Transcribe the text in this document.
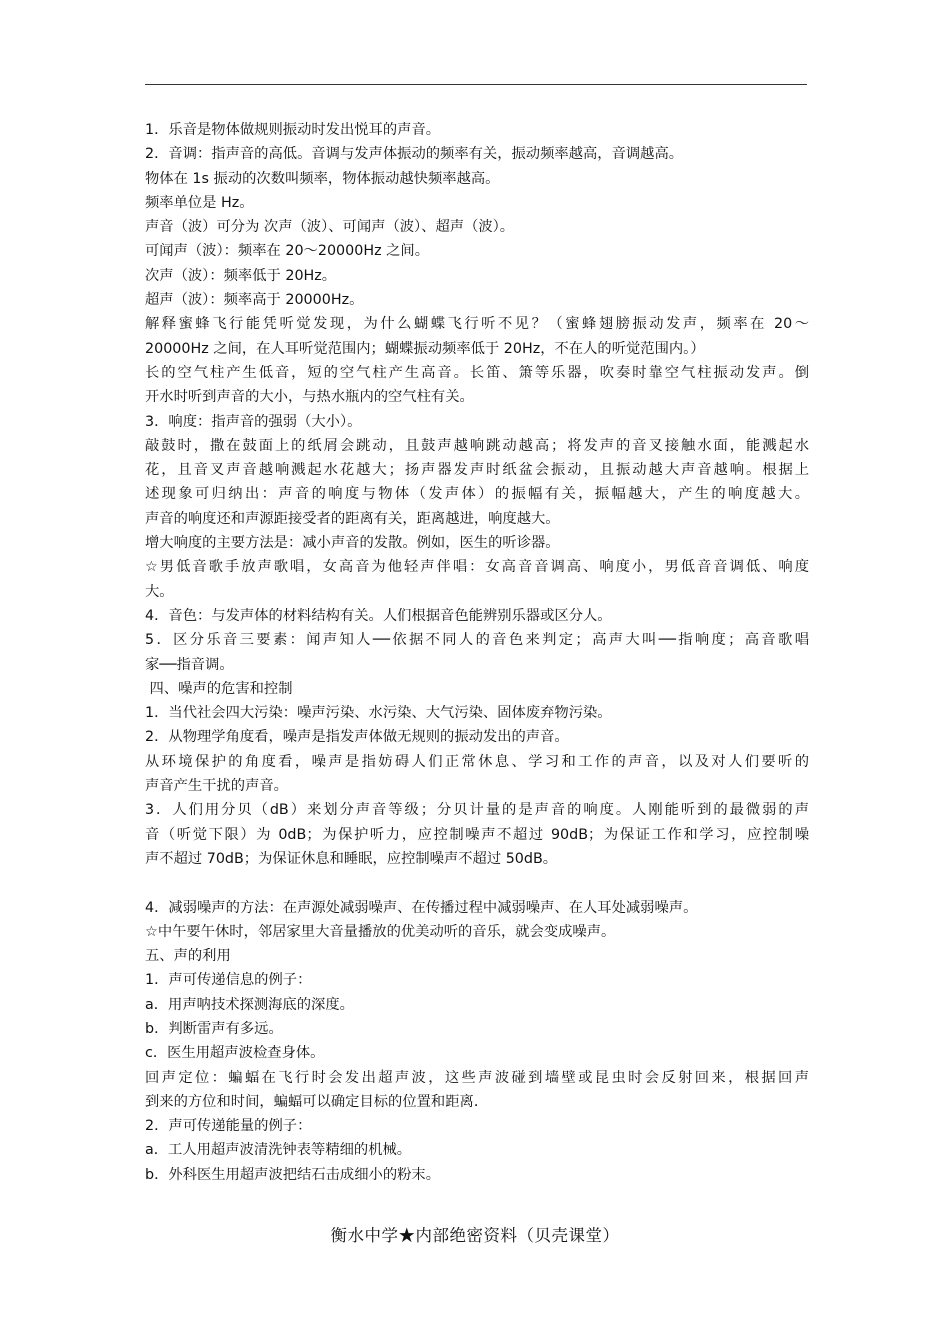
1．乐音是物体做规则振动时发出悦耳的声音。
2．音调：指声音的高低。音调与发声体振动的频率有关，振动频率越高，音调越高。
物体在 1s 振动的次数叫频率，物体振动越快频率越高。
频率单位是 Hz。
声音（波）可分为 次声（波）、可闻声（波）、超声（波）。
可闻声（波）：频率在 20～20000Hz 之间。
次声（波）：频率低于 20Hz。
超声（波）：频率高于 20000Hz。
解释蜜蜂飞行能凭听觉发现，为什么蝴蝶飞行听不见？（蜜蜂翅膀振动发声，频率在 20～
20000Hz 之间，在人耳听觉范围内；蝴蝶振动频率低于 20Hz，不在人的听觉范围内。）
长的空气柱产生低音，短的空气柱产生高音。长笛、箫等乐器，吹奏时靠空气柱振动发声。倒
开水时听到声音的大小，与热水瓶内的空气柱有关。
3．响度：指声音的强弱（大小）。
敲鼓时，撒在鼓面上的纸屑会跳动，且鼓声越响跳动越高；将发声的音叉接触水面，能溅起水
花，且音叉声音越响溅起水花越大；扬声器发声时纸盆会振动，且振动越大声音越响。根据上
述现象可归纳出：声音的响度与物体（发声体）的振幅有关，振幅越大，产生的响度越大。
声音的响度还和声源距接受者的距离有关，距离越进，响度越大。
增大响度的主要方法是：减小声音的发散。例如，医生的听诊器。
☆男低音歌手放声歌唱，女高音为他轻声伴唱：女高音音调高、响度小，男低音音调低、响度
大。
4．音色：与发声体的材料结构有关。人们根据音色能辨别乐器或区分人。
5．区分乐音三要素：闻声知人──依据不同人的音色来判定；高声大叫──指响度；高音歌唱
家──指音调。
四、噪声的危害和控制
1．当代社会四大污染：噪声污染、水污染、大气污染、固体废弃物污染。
2．从物理学角度看，噪声是指发声体做无规则的振动发出的声音。
从环境保护的角度看，噪声是指妨碍人们正常休息、学习和工作的声音，以及对人们要听的
声音产生干扰的声音。
3．人们用分贝（dB）来划分声音等级；分贝计量的是声音的响度。人刚能听到的最微弱的声
音（听觉下限）为 0dB；为保护听力，应控制噪声不超过 90dB；为保证工作和学习，应控制噪
声不超过 70dB；为保证休息和睡眠，应控制噪声不超过 50dB。
4．减弱噪声的方法：在声源处减弱噪声、在传播过程中减弱噪声、在人耳处减弱噪声。
☆中午要午休时，邻居家里大音量播放的优美动听的音乐，就会变成噪声。
五、声的利用
1．声可传递信息的例子：
a．用声呐技术探测海底的深度。
b．判断雷声有多远。
c．医生用超声波检查身体。
回声定位：蝙蝠在飞行时会发出超声波，这些声波碰到墙壁或昆虫时会反射回来，根据回声
到来的方位和时间，蝙蝠可以确定目标的位置和距离．
2．声可传递能量的例子：
a．工人用超声波清洗钟表等精细的机械。
b．外科医生用超声波把结石击成细小的粉末。
衡水中学★内部绝密资料（贝壳课堂）
